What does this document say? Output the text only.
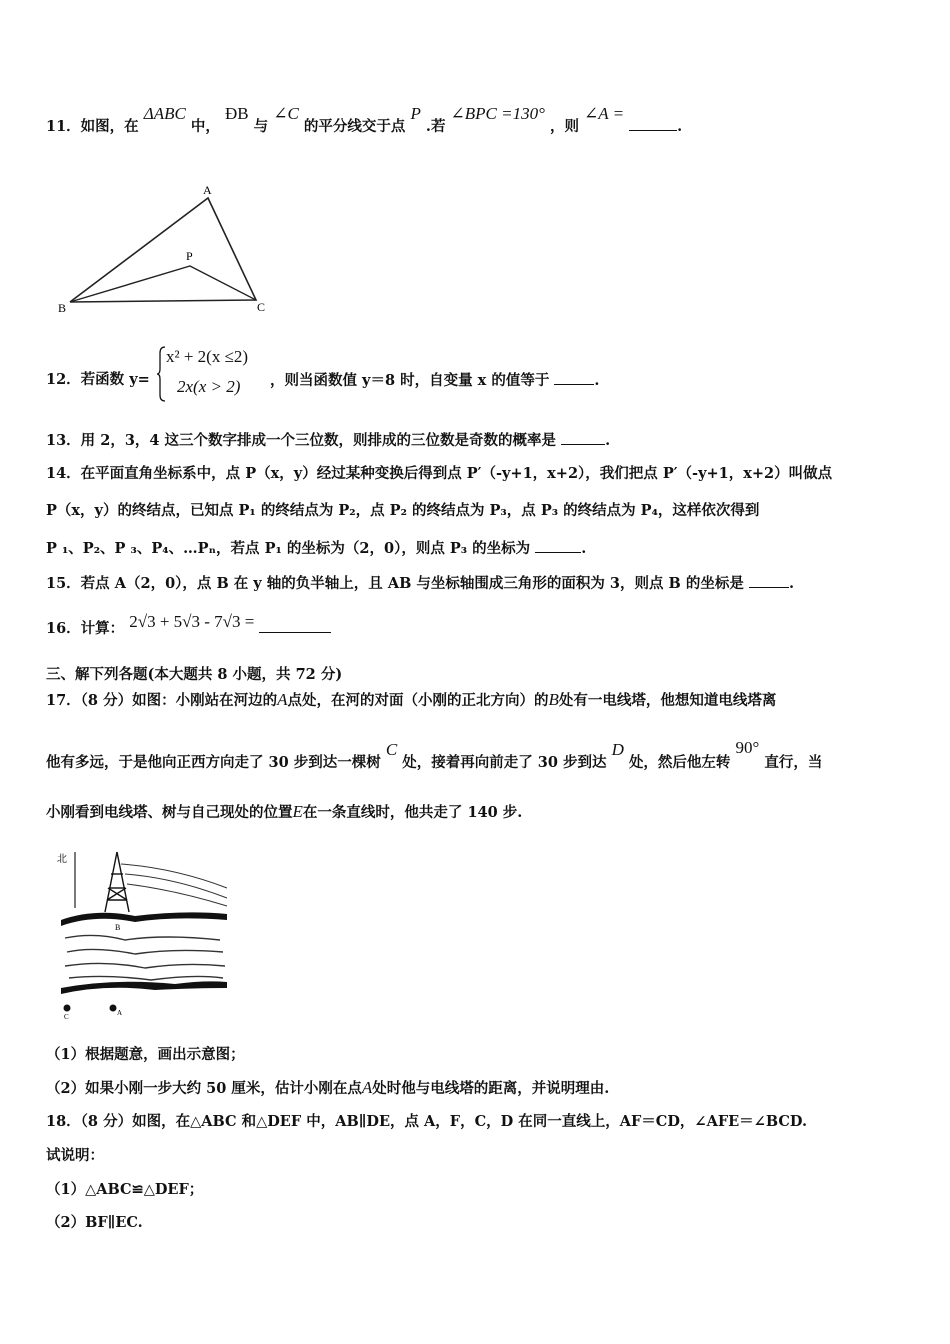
11．如图，在 ΔABC 中， ÐB 与 ∠C 的平分线交于点 P .若 ∠BPC =130° ，则 ∠A = .
A
B	C
P
12．若函数 y=
x² + 2(x ≤2)
2x(x > 2) ，则当函数值 y＝8 时，自变量 x 的值等于	.
13．用 2，3，4 这三个数字排成一个三位数，则排成的三位数是奇数的概率是	.
14．在平面直角坐标系中，点 P（x，y）经过某种变换后得到点 P′（-y+1，x+2），我们把点 P′（-y+1，x+2）叫做点
P（x，y）的终结点，已知点 P₁ 的终结点为 P₂，点 P₂ 的终结点为 P₃，点 P₃ 的终结点为 P₄，这样依次得到
P ₁、P₂、P ₃、P₄、…Pₙ，若点 P₁ 的坐标为（2，0），则点 P₃ 的坐标为	.
15．若点 A（2，0），点 B 在 y 轴的负半轴上，且 AB 与坐标轴围成三角形的面积为 3，则点 B 的坐标是	.
16．计算： 2√3 + 5√3 - 7√3 =
三、解下列各题(本大题共 8 小题，共 72 分)
17．（8 分）如图：小刚站在河边的A点处，在河的对面（小刚的正北方向）的B处有一电线塔，他想知道电线塔离
他有多远，于是他向正西方向走了 30 步到达一棵树 C 处，接着再向前走了 30 步到达 D 处，然后他左转 90° 直行，当
小刚看到电线塔、树与自己现处的位置E在一条直线时，他共走了 140 步.
北
B
C	A
（1）根据题意，画出示意图；
（2）如果小刚一步大约 50 厘米，估计小刚在点A处时他与电线塔的距离，并说明理由.
18．（8 分）如图，在△ABC 和△DEF 中，AB∥DE，点 A，F，C，D 在同一直线上，AF＝CD，∠AFE＝∠BCD.
试说明：
（1）△ABC≌△DEF；
（2）BF∥EC.
